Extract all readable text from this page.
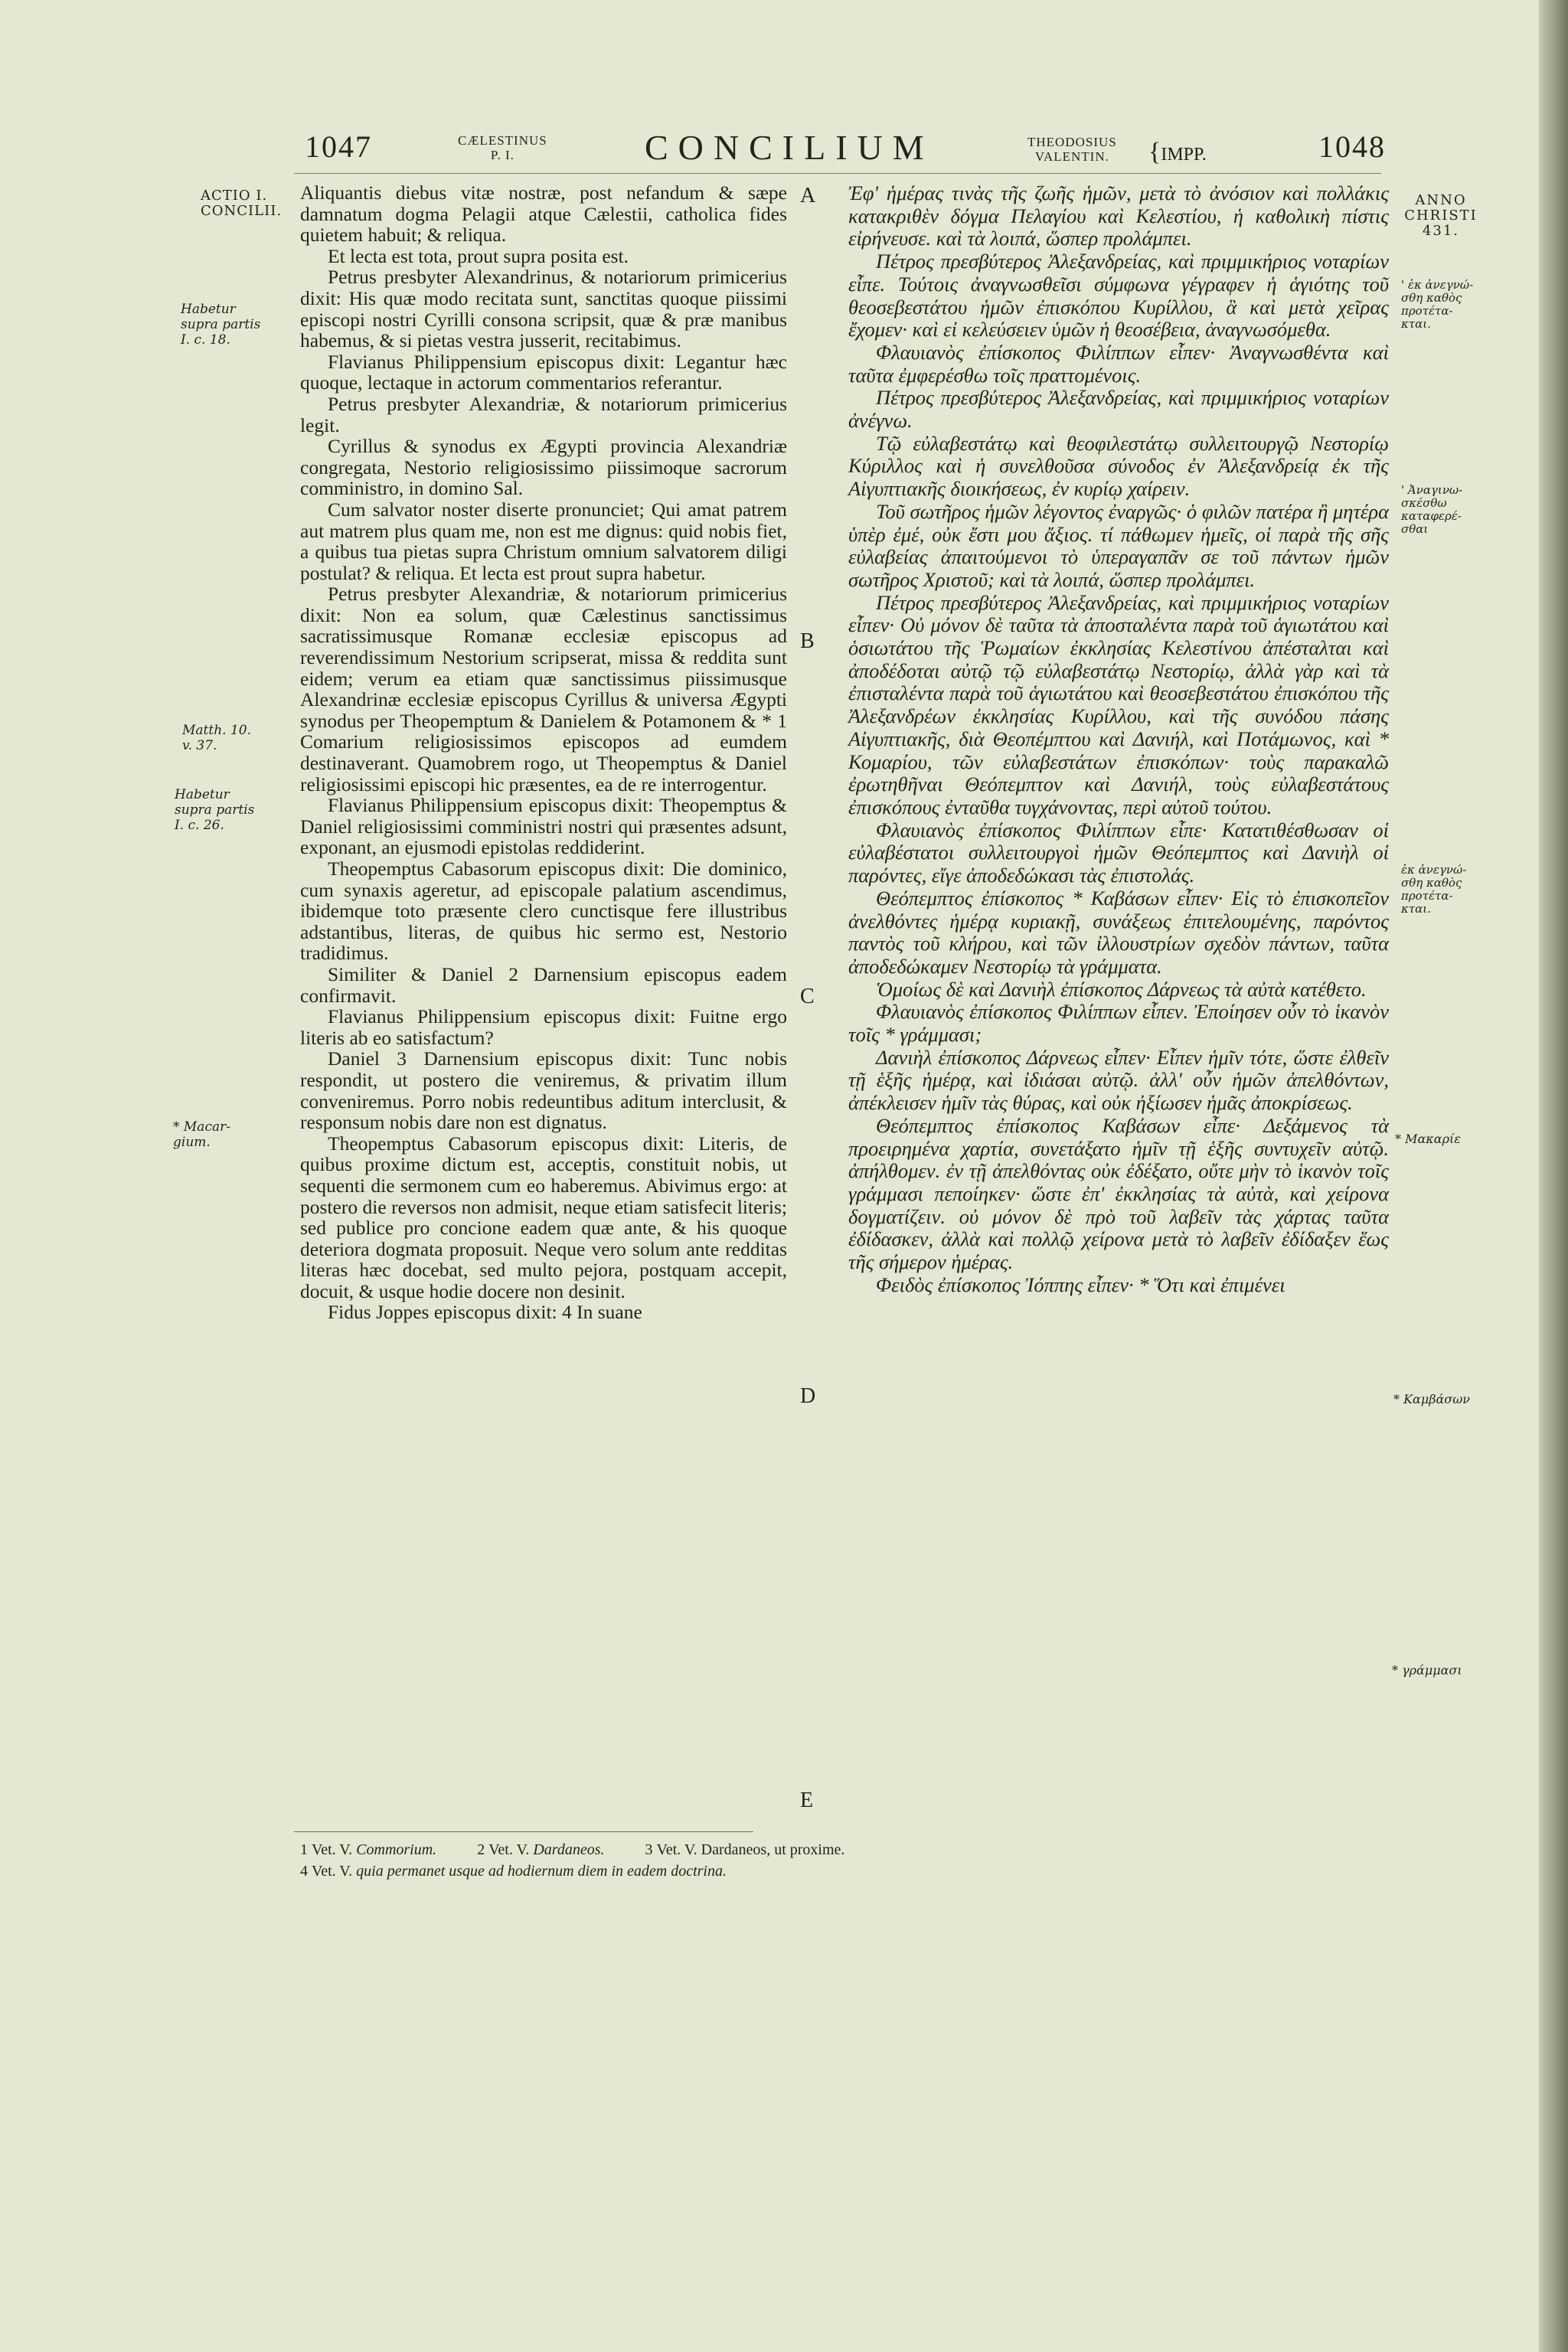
1047	CÆLESTINUS
P. I.	CONCILIUM	THEODOSIUS
VALENTIN. {IMPP.	1048
ACTIO I.
CONCILII.
Habetur
supra partis
I. c. 18.
Matth. 10.
v. 37.
Habetur
supra partis
I. c. 26.
* Macar-
gium.
ANNO
CHRISTI
431.
' ἐκ ἀνεγνώ-
σθη καθὸς
προτέτα-
κται.
' Ἀναγινω-
σκέσθω
καταφερέ-
σθαι
ἐκ ἀνεγνώ-
σθη καθὸς
προτέτα-
κται.
* Μακαρίε
* Καμβάσων
* γράμμασι
A
B
C
D
E

Aliquantis diebus vitæ nostræ, post nefandum & sæpe damnatum dogma Pelagii atque Cælestii, catholica fides quietem habuit; & reliqua.

Et lecta est tota, prout supra posita est.

Petrus presbyter Alexandrinus, & notariorum primicerius dixit: His quæ modo recitata sunt, sanctitas quoque piissimi episcopi nostri Cyrilli consona scripsit, quæ & præ manibus habemus, & si pietas vestra jusserit, recitabimus.

Flavianus Philippensium episcopus dixit: Legantur hæc quoque, lectaque in actorum commentarios referantur.

Petrus presbyter Alexandriæ, & notariorum primicerius legit.

Cyrillus & synodus ex Ægypti provincia Alexandriæ congregata, Nestorio religiosissimo piissimoque sacrorum comministro, in domino Sal.

Cum salvator noster diserte pronunciet; Qui amat patrem aut matrem plus quam me, non est me dignus: quid nobis fiet, a quibus tua pietas supra Christum omnium salvatorem diligi postulat? & reliqua. Et lecta est prout supra habetur.

Petrus presbyter Alexandriæ, & notariorum primicerius dixit: Non ea solum, quæ Cælestinus sanctissimus sacratissimusque Romanæ ecclesiæ episcopus ad reverendissimum Nestorium scripserat, missa & reddita sunt eidem; verum ea etiam quæ sanctissimus piissimusque Alexandrinæ ecclesiæ episcopus Cyrillus & universa Ægypti synodus per Theopemptum & Danielem & Potamonem & * 1 Comarium religiosissimos episcopos ad eumdem destinaverant. Quamobrem rogo, ut Theopemptus & Daniel religiosissimi episcopi hic præsentes, ea de re interrogentur.

Flavianus Philippensium episcopus dixit: Theopemptus & Daniel religiosissimi comministri nostri qui præsentes adsunt, exponant, an ejusmodi epistolas reddiderint.

Theopemptus Cabasorum episcopus dixit: Die dominico, cum synaxis ageretur, ad episcopale palatium ascendimus, ibidemque toto præsente clero cunctisque fere illustribus adstantibus, literas, de quibus hic sermo est, Nestorio tradidimus.

Similiter & Daniel 2 Darnensium episcopus eadem confirmavit.

Flavianus Philippensium episcopus dixit: Fuitne ergo literis ab eo satisfactum?

Daniel 3 Darnensium episcopus dixit: Tunc nobis respondit, ut postero die veniremus, & privatim illum conveniremus. Porro nobis redeuntibus aditum interclusit, & responsum nobis dare non est dignatus.

Theopemptus Cabasorum episcopus dixit: Literis, de quibus proxime dictum est, acceptis, constituit nobis, ut sequenti die sermonem cum eo haberemus. Abivimus ergo: at postero die reversos non admisit, neque etiam satisfecit literis; sed publice pro concione eadem quæ ante, & his quoque deteriora dogmata proposuit. Neque vero solum ante redditas literas hæc docebat, sed multo pejora, postquam accepit, docuit, & usque hodie docere non desinit.

Fidus Joppes episcopus dixit: 4 In suane

Ἐφ' ἡμέρας τινὰς τῆς ζωῆς ἡμῶν, μετὰ τὸ ἀνόσιον καὶ πολλάκις κατακριθὲν δόγμα Πελαγίου καὶ Κελεστίου, ἡ καθολικὴ πίστις εἰρήνευσε. καὶ τὰ λοιπά, ὥσπερ προλάμπει.

Πέτρος πρεσβύτερος Ἀλεξανδρείας, καὶ πριμμικήριος νοταρίων εἶπε. Τούτοις ἀναγνωσθεῖσι σύμφωνα γέγραφεν ἡ ἁγιότης τοῦ θεοσεβεστάτου ἡμῶν ἐπισκόπου Κυρίλλου, ἃ καὶ μετὰ χεῖρας ἔχομεν· καὶ εἰ κελεύσειεν ὑμῶν ἡ θεοσέβεια, ἀναγνωσόμεθα.

Φλαυιανὸς ἐπίσκοπος Φιλίππων εἶπεν· Ἀναγνωσθέντα καὶ ταῦτα ἐμφερέσθω τοῖς πραττομένοις.

Πέτρος πρεσβύτερος Ἀλεξανδρείας, καὶ πριμμικήριος νοταρίων ἀνέγνω.

Τῷ εὐλαβεστάτῳ καὶ θεοφιλεστάτῳ συλλειτουργῷ Νεστορίῳ Κύριλλος καὶ ἡ συνελθοῦσα σύνοδος ἐν Ἀλεξανδρείᾳ ἐκ τῆς Αἰγυπτιακῆς διοικήσεως, ἐν κυρίῳ χαίρειν.

Τοῦ σωτῆρος ἡμῶν λέγοντος ἐναργῶς· ὁ φιλῶν πατέρα ἢ μητέρα ὑπὲρ ἐμέ, οὐκ ἔστι μου ἄξιος. τί πάθωμεν ἡμεῖς, οἱ παρὰ τῆς σῆς εὐλαβείας ἀπαιτούμενοι τὸ ὑπεραγαπᾶν σε τοῦ πάντων ἡμῶν σωτῆρος Χριστοῦ; καὶ τὰ λοιπά, ὥσπερ προλάμπει.

Πέτρος πρεσβύτερος Ἀλεξανδρείας, καὶ πριμμικήριος νοταρίων εἶπεν· Οὐ μόνον δὲ ταῦτα τὰ ἀποσταλέντα παρὰ τοῦ ἁγιωτάτου καὶ ὁσιωτάτου τῆς Ῥωμαίων ἐκκλησίας Κελεστίνου ἀπέσταλται καὶ ἀποδέδοται αὐτῷ τῷ εὐλαβεστάτῳ Νεστορίῳ, ἀλλὰ γὰρ καὶ τὰ ἐπισταλέντα παρὰ τοῦ ἁγιωτάτου καὶ θεοσεβεστάτου ἐπισκόπου τῆς Ἀλεξανδρέων ἐκκλησίας Κυρίλλου, καὶ τῆς συνόδου πάσης Αἰγυπτιακῆς, διὰ Θεοπέμπτου καὶ Δανιήλ, καὶ Ποτάμωνος, καὶ * Κομαρίου, τῶν εὐλαβεστάτων ἐπισκόπων· τοὺς παρακαλῶ ἐρωτηθῆναι Θεόπεμπτον καὶ Δανιήλ, τοὺς εὐλαβεστάτους ἐπισκόπους ἐνταῦθα τυγχάνοντας, περὶ αὐτοῦ τούτου.

Φλαυιανὸς ἐπίσκοπος Φιλίππων εἶπε· Κατατιθέσθωσαν οἱ εὐλαβέστατοι συλλειτουργοὶ ἡμῶν Θεόπεμπτος καὶ Δανιὴλ οἱ παρόντες, εἴγε ἀποδεδώκασι τὰς ἐπιστολάς.

Θεόπεμπτος ἐπίσκοπος * Καβάσων εἶπεν· Εἰς τὸ ἐπισκοπεῖον ἀνελθόντες ἡμέρᾳ κυριακῇ, συνάξεως ἐπιτελουμένης, παρόντος παντὸς τοῦ κλήρου, καὶ τῶν ἰλλουστρίων σχεδὸν πάντων, ταῦτα ἀποδεδώκαμεν Νεστορίῳ τὰ γράμματα.

Ὁμοίως δὲ καὶ Δανιὴλ ἐπίσκοπος Δάρνεως τὰ αὐτὰ κατέθετο.

Φλαυιανὸς ἐπίσκοπος Φιλίππων εἶπεν. Ἐποίησεν οὖν τὸ ἱκανὸν τοῖς * γράμμασι;

Δανιὴλ ἐπίσκοπος Δάρνεως εἶπεν· Εἶπεν ἡμῖν τότε, ὥστε ἐλθεῖν τῇ ἑξῆς ἡμέρᾳ, καὶ ἰδιάσαι αὐτῷ. ἀλλ' οὖν ἡμῶν ἀπελθόντων, ἀπέκλεισεν ἡμῖν τὰς θύρας, καὶ οὐκ ἠξίωσεν ἡμᾶς ἀποκρίσεως.

Θεόπεμπτος ἐπίσκοπος Καβάσων εἶπε· Δεξάμενος τὰ προειρημένα χαρτία, συνετάξατο ἡμῖν τῇ ἑξῆς συντυχεῖν αὐτῷ. ἀπήλθομεν. ἐν τῇ ἀπελθόντας οὐκ ἐδέξατο, οὔτε μὴν τὸ ἱκανὸν τοῖς γράμμασι πεποίηκεν· ὥστε ἐπ' ἐκκλησίας τὰ αὐτὰ, καὶ χείρονα δογματίζειν. οὐ μόνον δὲ πρὸ τοῦ λαβεῖν τὰς χάρτας ταῦτα ἐδίδασκεν, ἀλλὰ καὶ πολλῷ χείρονα μετὰ τὸ λαβεῖν ἐδίδαξεν ἕως τῆς σήμερον ἡμέρας.

Φειδὸς ἐπίσκοπος Ἰόππης εἶπεν· * Ὅτι καὶ ἐπιμένει

1 Vet. V. Commorium.	2 Vet. V. Dardaneos.	3 Vet. V. Dardaneos, ut proxime.
4 Vet. V. quia permanet usque ad hodiernum diem in eadem doctrina.
